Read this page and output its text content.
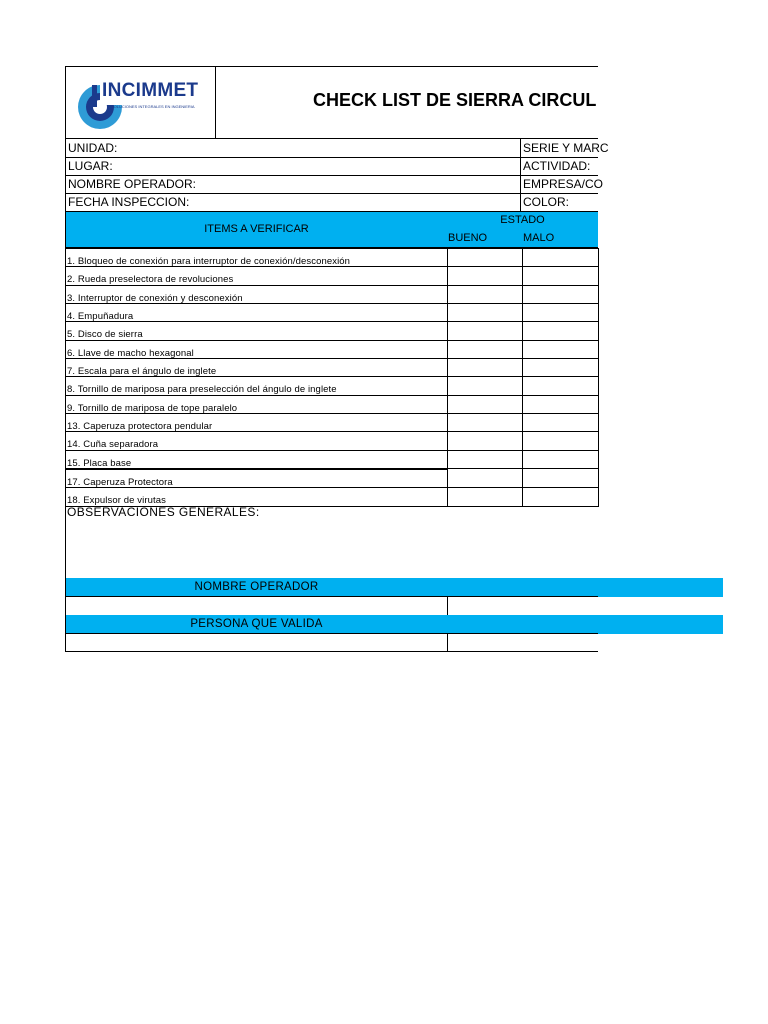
INCIMMET
SOLUCIONES INTEGRALES EN INGENIERIA	CHECK LIST DE SIERRA CIRCUL
UNIDAD:	SERIE Y MARC
LUGAR:	ACTIVIDAD:
NOMBRE OPERADOR:	EMPRESA/CO
FECHA INSPECCION:	COLOR:
ITEMS A VERIFICAR
ESTADO
BUENO	MALO
1. Bloqueo de conexión para interruptor de conexión/desconexión
2. Rueda preselectora de revoluciones
3. Interruptor de conexión y desconexión
4. Empuñadura
5. Disco de sierra
6. Llave de macho hexagonal
7. Escala para el ángulo de inglete
8. Tornillo de mariposa para preselección del ángulo de inglete
9. Tornillo de mariposa de tope paralelo
13. Caperuza protectora pendular
14. Cuña separadora
15. Placa base
17. Caperuza Protectora
18. Expulsor de virutas
OBSERVACIONES GENERALES:
NOMBRE OPERADOR
PERSONA QUE VALIDA
